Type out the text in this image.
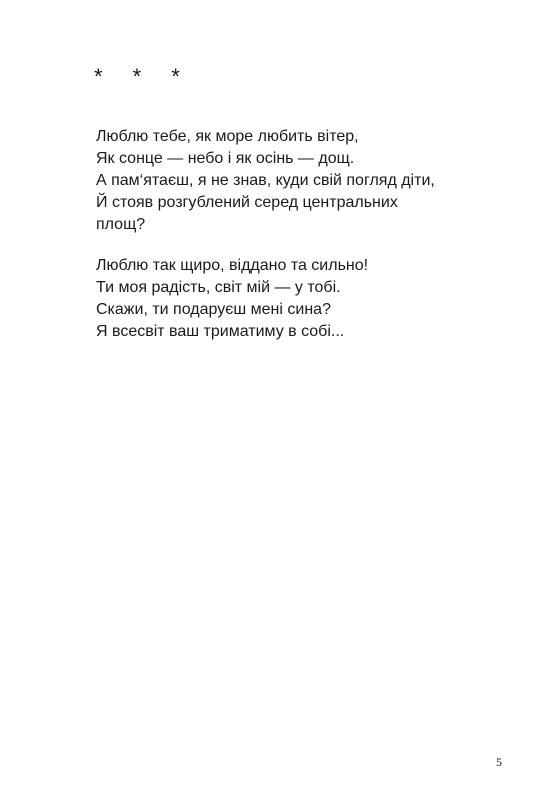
* * *
Люблю тебе, як море любить вітер,
Як сонце — небо і як осінь — дощ.
А пам‘ятаєш, я не знав, куди свій погляд діти,
Й стояв розгублений серед центральних
площ?
Люблю так щиро, віддано та сильно!
Ти моя радість, світ мій — у тобі.
Скажи, ти подаруєш мені сина?
Я всесвіт ваш триматиму в собі...
5
